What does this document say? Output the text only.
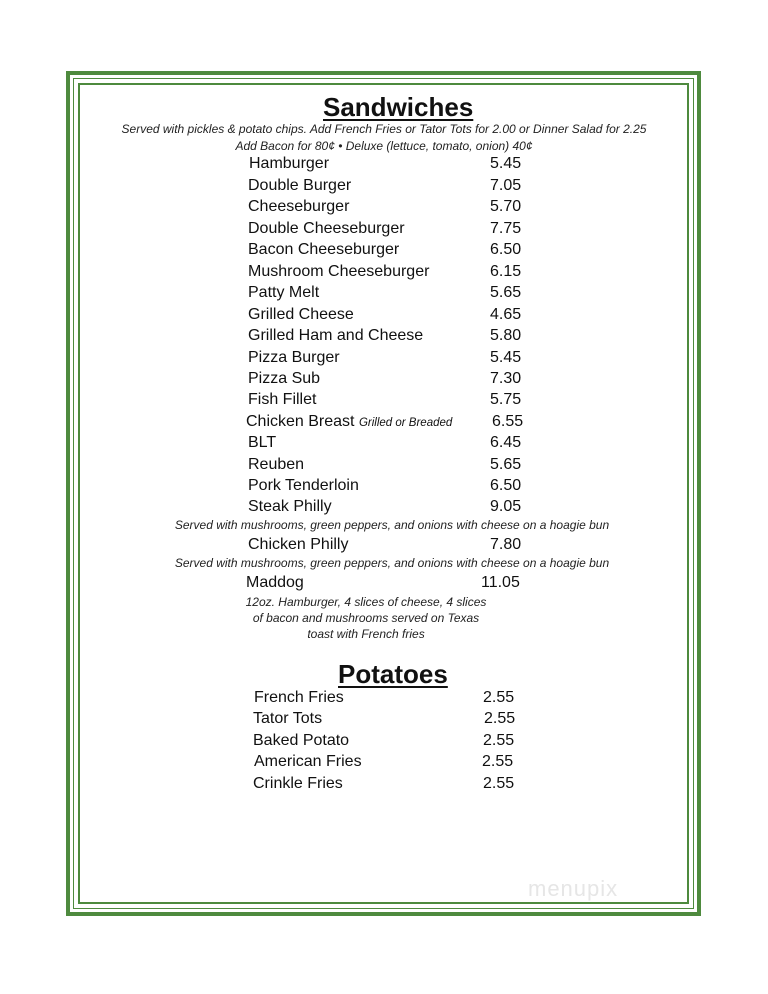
Sandwiches
Served with pickles & potato chips. Add French Fries or Tator Tots for 2.00 or Dinner Salad for 2.25
Add Bacon for 80¢ • Deluxe (lettuce, tomato, onion) 40¢
Hamburger	5.45
Double Burger	7.05
Cheeseburger	5.70
Double Cheeseburger	7.75
Bacon Cheeseburger	6.50
Mushroom Cheeseburger	6.15
Patty Melt	5.65
Grilled Cheese	4.65
Grilled Ham and Cheese	5.80
Pizza Burger	5.45
Pizza Sub	7.30
Fish Fillet	5.75
Chicken Breast Grilled or Breaded 6.55
BLT	6.45
Reuben	5.65
Pork Tenderloin	6.50
Steak Philly	9.05
Served with mushrooms, green peppers, and onions with cheese on a hoagie bun
Chicken Philly	7.80
Served with mushrooms, green peppers, and onions with cheese on a hoagie bun
Maddog	11.05
12oz. Hamburger, 4 slices of cheese, 4 slices
of bacon and mushrooms served on Texas
toast with French fries
Potatoes
French Fries	2.55
Tator Tots	2.55
Baked Potato	2.55
American Fries	2.55
Crinkle Fries	2.55
menupix
